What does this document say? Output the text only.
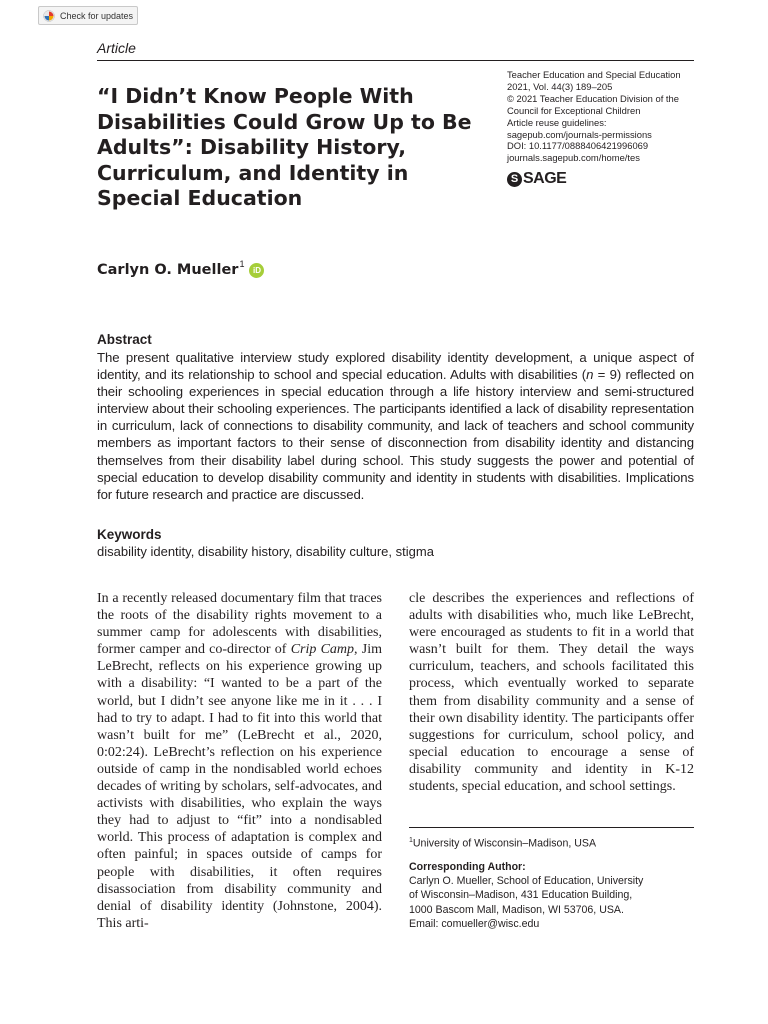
Check for updates
Article
Teacher Education and Special Education
2021, Vol. 44(3) 189–205
© 2021 Teacher Education Division of the
Council for Exceptional Children
Article reuse guidelines:
sagepub.com/journals-permissions
DOI: 10.1177/0888406421996069
journals.sagepub.com/home/tes
S SAGE
“I Didn’t Know People With Disabilities Could Grow Up to Be Adults”: Disability History, Curriculum, and Identity in Special Education
Carlyn O. Mueller 1
iD
Abstract

The present qualitative interview study explored disability identity development, a unique aspect of identity, and its relationship to school and special education. Adults with disabilities (n = 9) reflected on their schooling experiences in special education through a life history interview and semi-structured interview about their schooling experiences. The participants identified a lack of disability representation in curriculum, lack of connections to disability community, and lack of teachers and school community members as important factors to their sense of disconnection from disability identity and distancing themselves from their disability label during school. This study suggests the power and potential of special education to develop disability community and identity in students with disabilities. Implications for future research and practice are discussed.

Keywords
disability identity, disability history, disability culture, stigma

In a recently released documentary film that traces the roots of the disability rights movement to a summer camp for adolescents with disabilities, former camper and co-director of Crip Camp, Jim LeBrecht, reflects on his experience growing up with a disability: “I wanted to be a part of the world, but I didn’t see anyone like me in it . . . I had to try to adapt. I had to fit into this world that wasn’t built for me” (LeBrecht et al., 2020, 0:02:24). LeBrecht’s reflection on his experience outside of camp in the nondisabled world echoes decades of writing by scholars, self-advocates, and activists with disabilities, who explain the ways they had to adjust to “fit” into a nondisabled world. This process of adaptation is complex and often painful; in spaces outside of camps for people with disabilities, it often requires disassociation from disability community and denial of disability identity (Johnstone, 2004). This arti-

cle describes the experiences and reflections of adults with disabilities who, much like LeBrecht, were encouraged as students to fit in a world that wasn’t built for them. They detail the ways curriculum, teachers, and schools facilitated this process, which eventually worked to separate them from disability community and a sense of their own disability identity. The participants offer suggestions for curriculum, school policy, and special education to encourage a sense of disability community and identity in K-12 students, special education, and school settings.

$^1$University of Wisconsin–Madison, USA
Corresponding Author:
Carlyn O. Mueller, School of Education, University
of Wisconsin–Madison, 431 Education Building,
1000 Bascom Mall, Madison, WI 53706, USA.
Email: comueller@wisc.edu
